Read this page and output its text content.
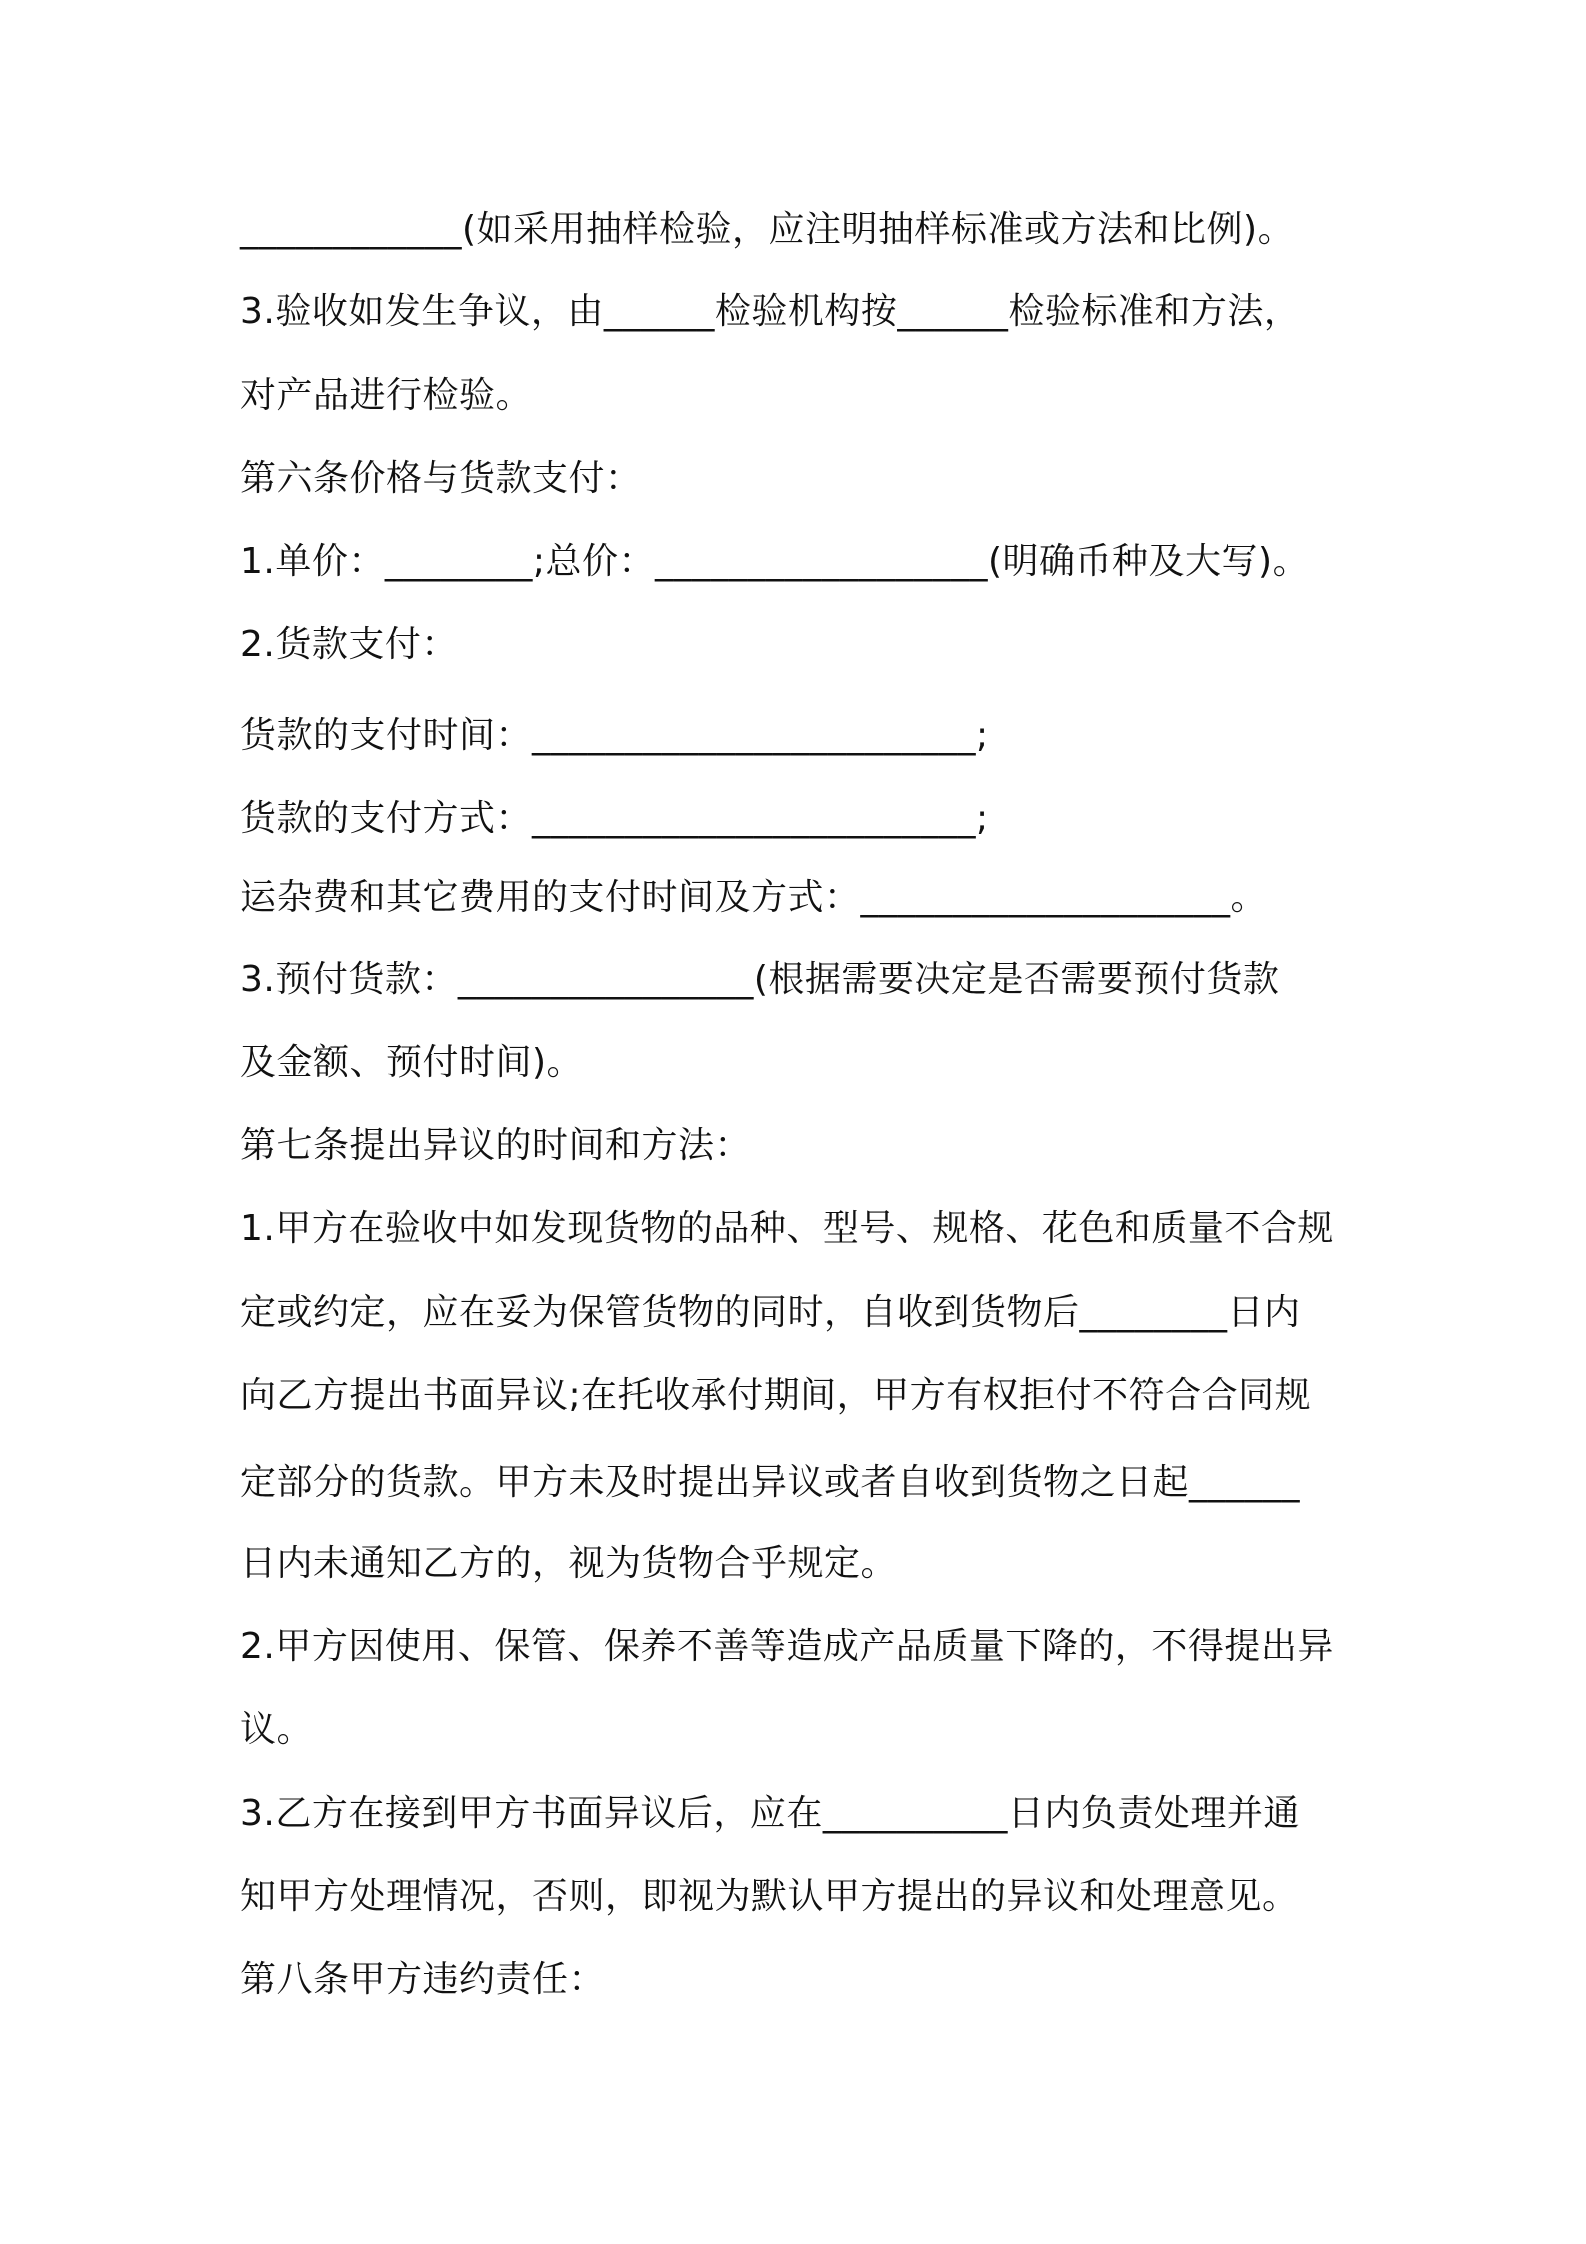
____________(如采用抽样检验，应注明抽样标准或方法和比例)。

3.验收如发生争议，由______检验机构按______检验标准和方法，

对产品进行检验。

第六条价格与货款支付：

1.单价：________;总价：__________________(明确币种及大写)。

2.货款支付：

货款的支付时间：________________________;

货款的支付方式：________________________;

运杂费和其它费用的支付时间及方式：____________________。

3.预付货款：________________(根据需要决定是否需要预付货款

及金额、预付时间)。

第七条提出异议的时间和方法：

1.甲方在验收中如发现货物的品种、型号、规格、花色和质量不合规

定或约定，应在妥为保管货物的同时，自收到货物后________日内

向乙方提出书面异议;在托收承付期间，甲方有权拒付不符合合同规

定部分的货款。甲方未及时提出异议或者自收到货物之日起______

日内未通知乙方的，视为货物合乎规定。

2.甲方因使用、保管、保养不善等造成产品质量下降的，不得提出异

议。

3.乙方在接到甲方书面异议后，应在__________日内负责处理并通

知甲方处理情况，否则，即视为默认甲方提出的异议和处理意见。

第八条甲方违约责任：
